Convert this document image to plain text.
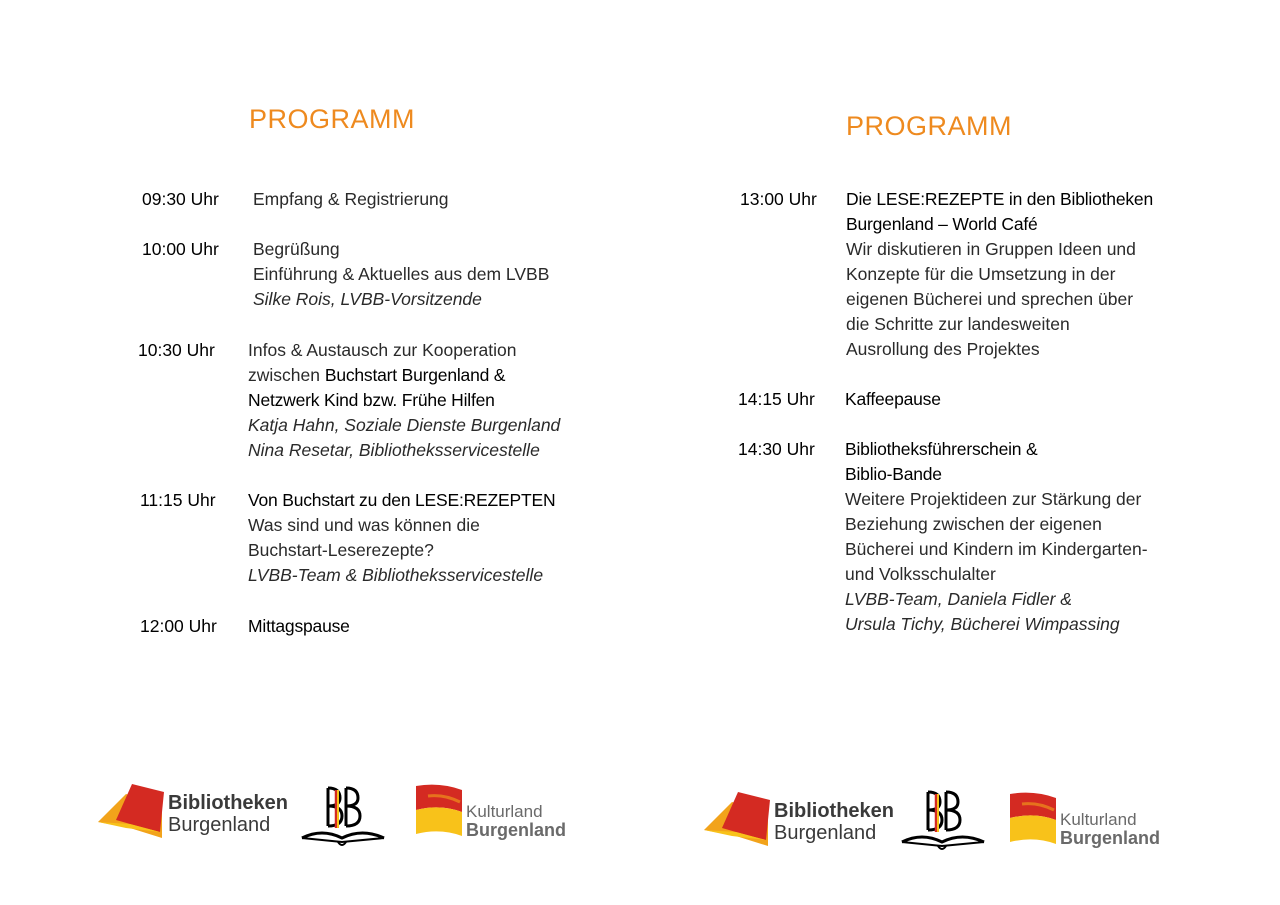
PROGRAMM
09:30 Uhr Empfang & Registrierung
10:00 Uhr Begrüßung
Einführung & Aktuelles aus dem LVBB
Silke Rois, LVBB-Vorsitzende
10:30 Uhr Infos & Austausch zur Kooperation
zwischen Buchstart Burgenland &
Netzwerk Kind bzw. Frühe Hilfen
Katja Hahn, Soziale Dienste Burgenland
Nina Resetar, Bibliotheksservicestelle
11:15 Uhr Von Buchstart zu den LESE:REZEPTEN
Was sind und was können die
Buchstart-Leserezepte?
LVBB-Team & Bibliotheksservicestelle
12:00 Uhr Mittagspause
PROGRAMM
13:00 Uhr Die LESE:REZEPTE in den Bibliotheken
Burgenland – World Café
Wir diskutieren in Gruppen Ideen und
Konzepte für die Umsetzung in der
eigenen Bücherei und sprechen über
die Schritte zur landesweiten
Ausrollung des Projektes
14:15 Uhr Kaffeepause
14:30 Uhr Bibliotheksführerschein &
Biblio-Bande
Weitere Projektideen zur Stärkung der
Beziehung zwischen der eigenen
Bücherei und Kindern im Kindergarten-
und Volksschulalter
LVBB-Team, Daniela Fidler &
Ursula Tichy, Bücherei Wimpassing
Bibliotheken
Burgenland
Kulturland
Burgenland
Bibliotheken
Burgenland
Kulturland
Burgenland
